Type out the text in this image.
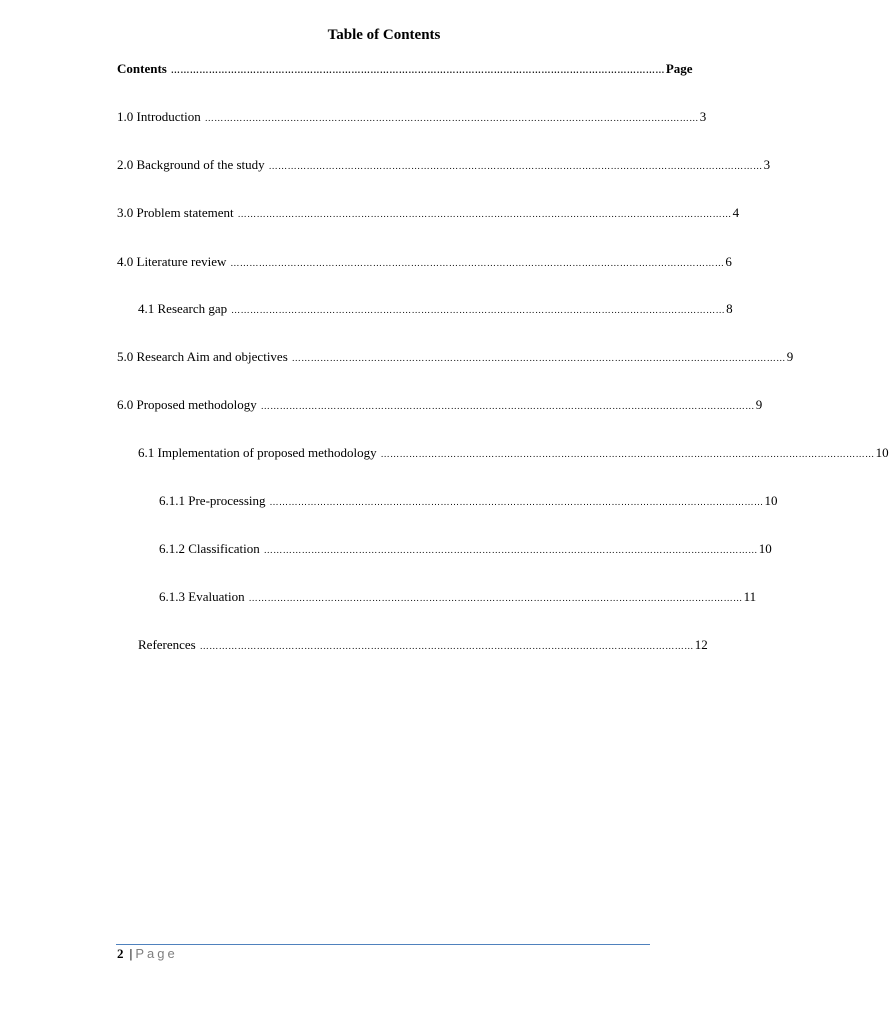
Table of Contents
Contents ………………………………………………………………………………………………………………………………………… Page
1.0 Introduction ………………………………………………………………………………………………………………………………………… 3
2.0 Background of the study ………………………………………………………………………………………………………………………………………… 3
3.0 Problem statement ………………………………………………………………………………………………………………………………………… 4
4.0 Literature review ………………………………………………………………………………………………………………………………………… 6
4.1 Research gap ………………………………………………………………………………………………………………………………………… 8
5.0 Research Aim and objectives ………………………………………………………………………………………………………………………………………… 9
6.0 Proposed methodology ………………………………………………………………………………………………………………………………………… 9
6.1 Implementation of proposed methodology ………………………………………………………………………………………………………………………………………… 10
6.1.1 Pre-processing ………………………………………………………………………………………………………………………………………… 10
6.1.2 Classification ………………………………………………………………………………………………………………………………………… 10
6.1.3 Evaluation ………………………………………………………………………………………………………………………………………… 11
References ………………………………………………………………………………………………………………………………………… 12
2 | Page
